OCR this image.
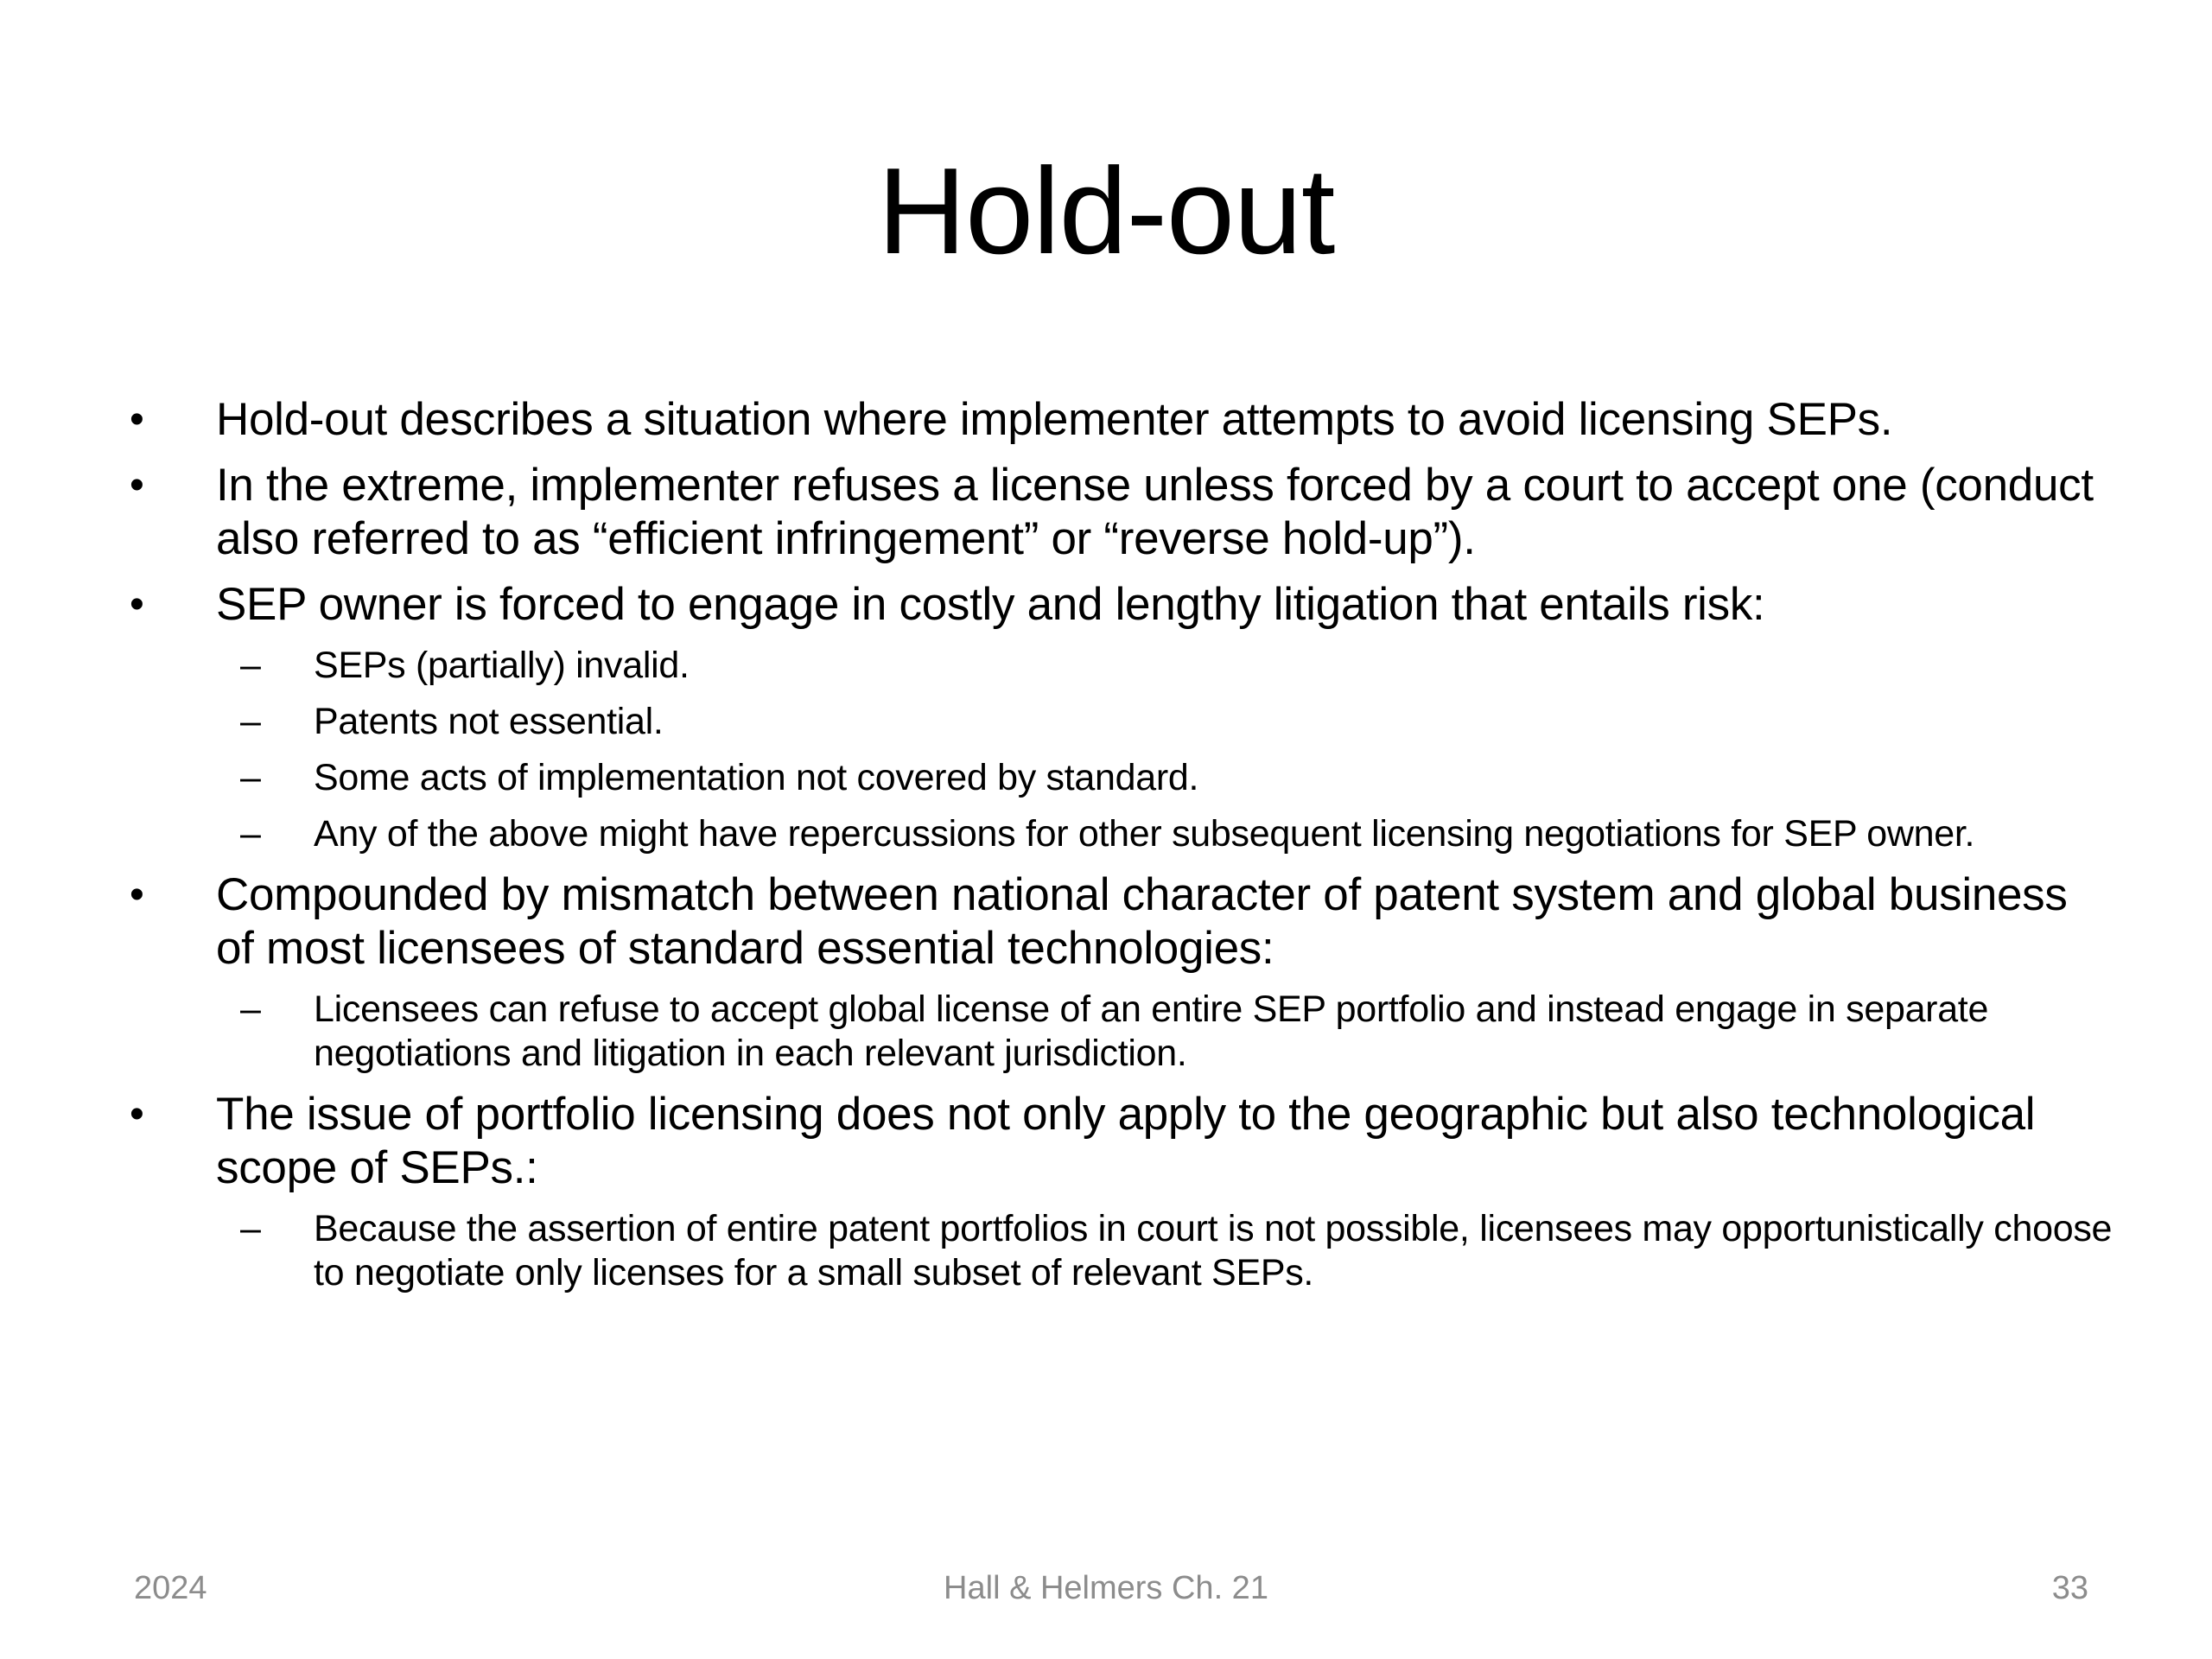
Hold-out
•	Hold-out describes a situation where implementer attempts to avoid licensing SEPs.
•	In the extreme, implementer refuses a license unless forced by a court to accept one (conduct also referred to as “efficient infringement” or “reverse hold-up”).
•	SEP owner is forced to engage in costly and lengthy litigation that entails risk:
– SEPs (partially) invalid.
– Patents not essential.
– Some acts of implementation not covered by standard.
– Any of the above might have repercussions for other subsequent licensing negotiations for SEP owner.
•	Compounded by mismatch between national character of patent system and global business of most licensees of standard essential technologies:
– Licensees can refuse to accept global license of an entire SEP portfolio and instead engage in separate negotiations and litigation in each relevant jurisdiction.
•	The issue of portfolio licensing does not only apply to the geographic but also technological scope of SEPs.:
– Because the assertion of entire patent portfolios in court is not possible, licensees may opportunistically choose to negotiate only licenses for a small subset of relevant SEPs.
2024	Hall & Helmers Ch. 21	33
